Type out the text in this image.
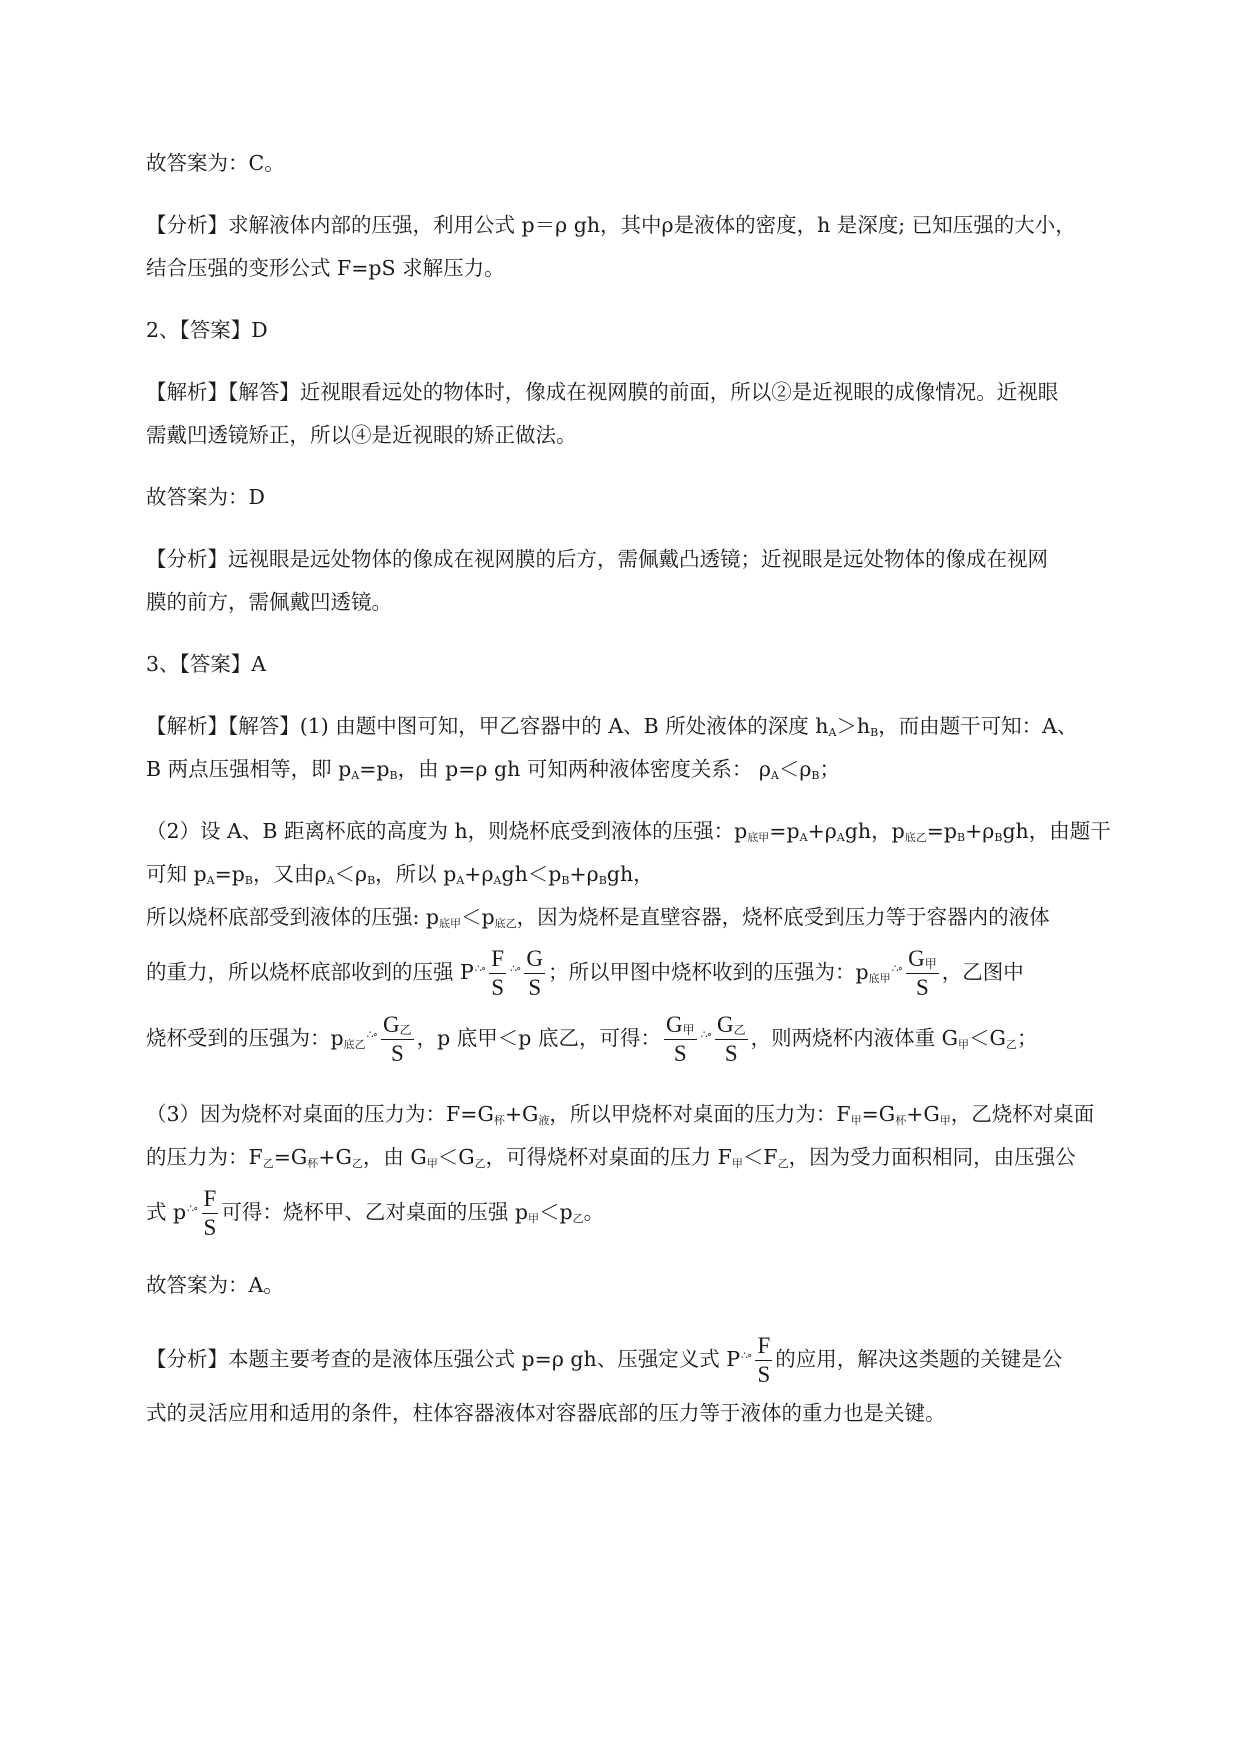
故答案为：C。

【分析】求解液体内部的压强，利用公式 p＝ρ gh，其中ρ是液体的密度，h 是深度; 已知压强的大小，
结合压强的变形公式 F=pS 求解压力。

2、【答案】D

【解析】【解答】近视眼看远处的物体时，像成在视网膜的前面，所以②是近视眼的成像情况。近视眼
需戴凹透镜矫正，所以④是近视眼的矫正做法。

故答案为：D

【分析】远视眼是远处物体的像成在视网膜的后方，需佩戴凸透镜；近视眼是远处物体的像成在视网
膜的前方，需佩戴凹透镜。

3、【答案】A

【解析】【解答】(1) 由题中图可知，甲乙容器中的 A、B 所处液体的深度 $h_A>h_B$，而由题干可知：A、
B 两点压强相等，即 $p_A=p_B$，由 p=ρ gh 可知两种液体密度关系： $\rho_A<\rho_B$；

（2）设 A、B 距离杯底的高度为 h，则烧杯底受到液体的压强：$p_{底甲}=p_A+\rho_Agh$，$p_{底乙}=p_B+\rho_Bgh$，由题干
可知 $p_A=p_B$，又由$\rho_A<\rho_B$，所以 $p_A+\rho_Agh<p_B+\rho_Bgh$，
所以烧杯底部受到液体的压强: $p_{底甲}<p_{底乙}$，因为烧杯是直壁容器，烧杯底受到压力等于容器内的液体
的重力，所以烧杯底部收到的压强 P∴∘ $\frac{F}{S}$ ∴∘ $\frac{G}{S}$ ；所以甲图中烧杯收到的压强为：$p_{底甲}\therefore\circ \frac{G_甲}{S}$ ，乙图中
烧杯受到的压强为：$p_{底乙}\therefore\circ \frac{G_乙}{S}$ ，p 底甲＜p 底乙，可得： $\frac{G_甲}{S}$ ∴∘ $\frac{G_乙}{S}$ ，则两烧杯内液体重 $G_甲<G_乙$；

（3）因为烧杯对桌面的压力为：$F=G_杯+G_液$，所以甲烧杯对桌面的压力为：$F_甲=G_杯+G_甲$，乙烧杯对桌面
的压力为：$F_乙=G_杯+G_乙$，由 $G_甲<G_乙$，可得烧杯对桌面的压力 $F_甲<F_乙$，因为受力面积相同，由压强公
式 p∴∘ $\frac{F}{S}$ 可得：烧杯甲、乙对桌面的压强 $p_甲<p_乙$。

故答案为：A。

【分析】本题主要考查的是液体压强公式 p=ρ gh、压强定义式 P∴∘ $\frac{F}{S}$ 的应用，解决这类题的关键是公
式的灵活应用和适用的条件，柱体容器液体对容器底部的压力等于液体的重力也是关键。
